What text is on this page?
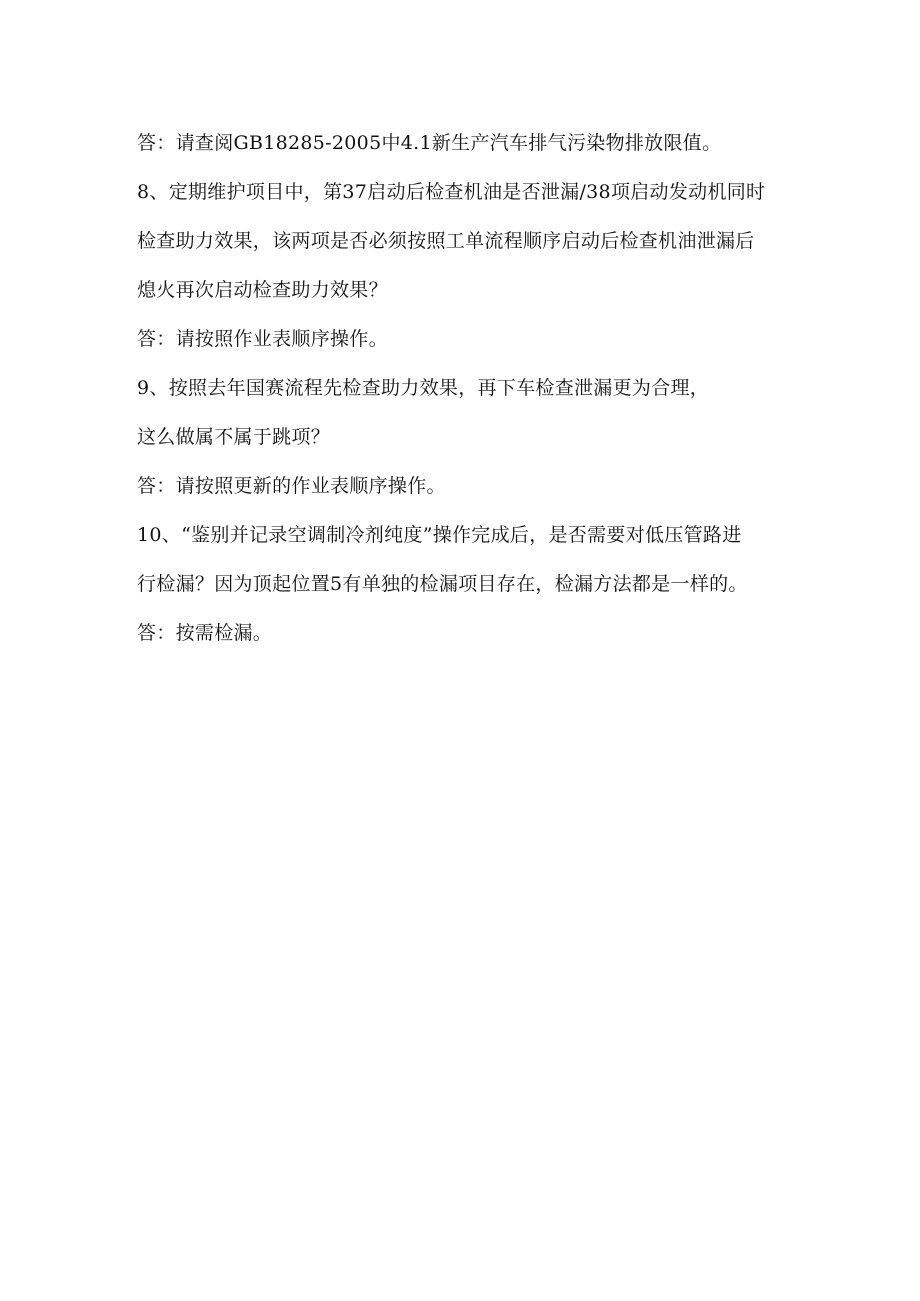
答：请查阅GB18285-2005中4.1新生产汽车排气污染物排放限值。
8、定期维护项目中，第37启动后检查机油是否泄漏/38项启动发动机同时
检查助力效果，该两项是否必须按照工单流程顺序启动后检查机油泄漏后
熄火再次启动检查助力效果？
答：请按照作业表顺序操作。
9、按照去年国赛流程先检查助力效果，再下车检查泄漏更为合理，
这么做属不属于跳项？
答：请按照更新的作业表顺序操作。
10、“鉴别并记录空调制冷剂纯度”操作完成后，是否需要对低压管路进
行检漏？因为顶起位置5有单独的检漏项目存在，检漏方法都是一样的。
答：按需检漏。
